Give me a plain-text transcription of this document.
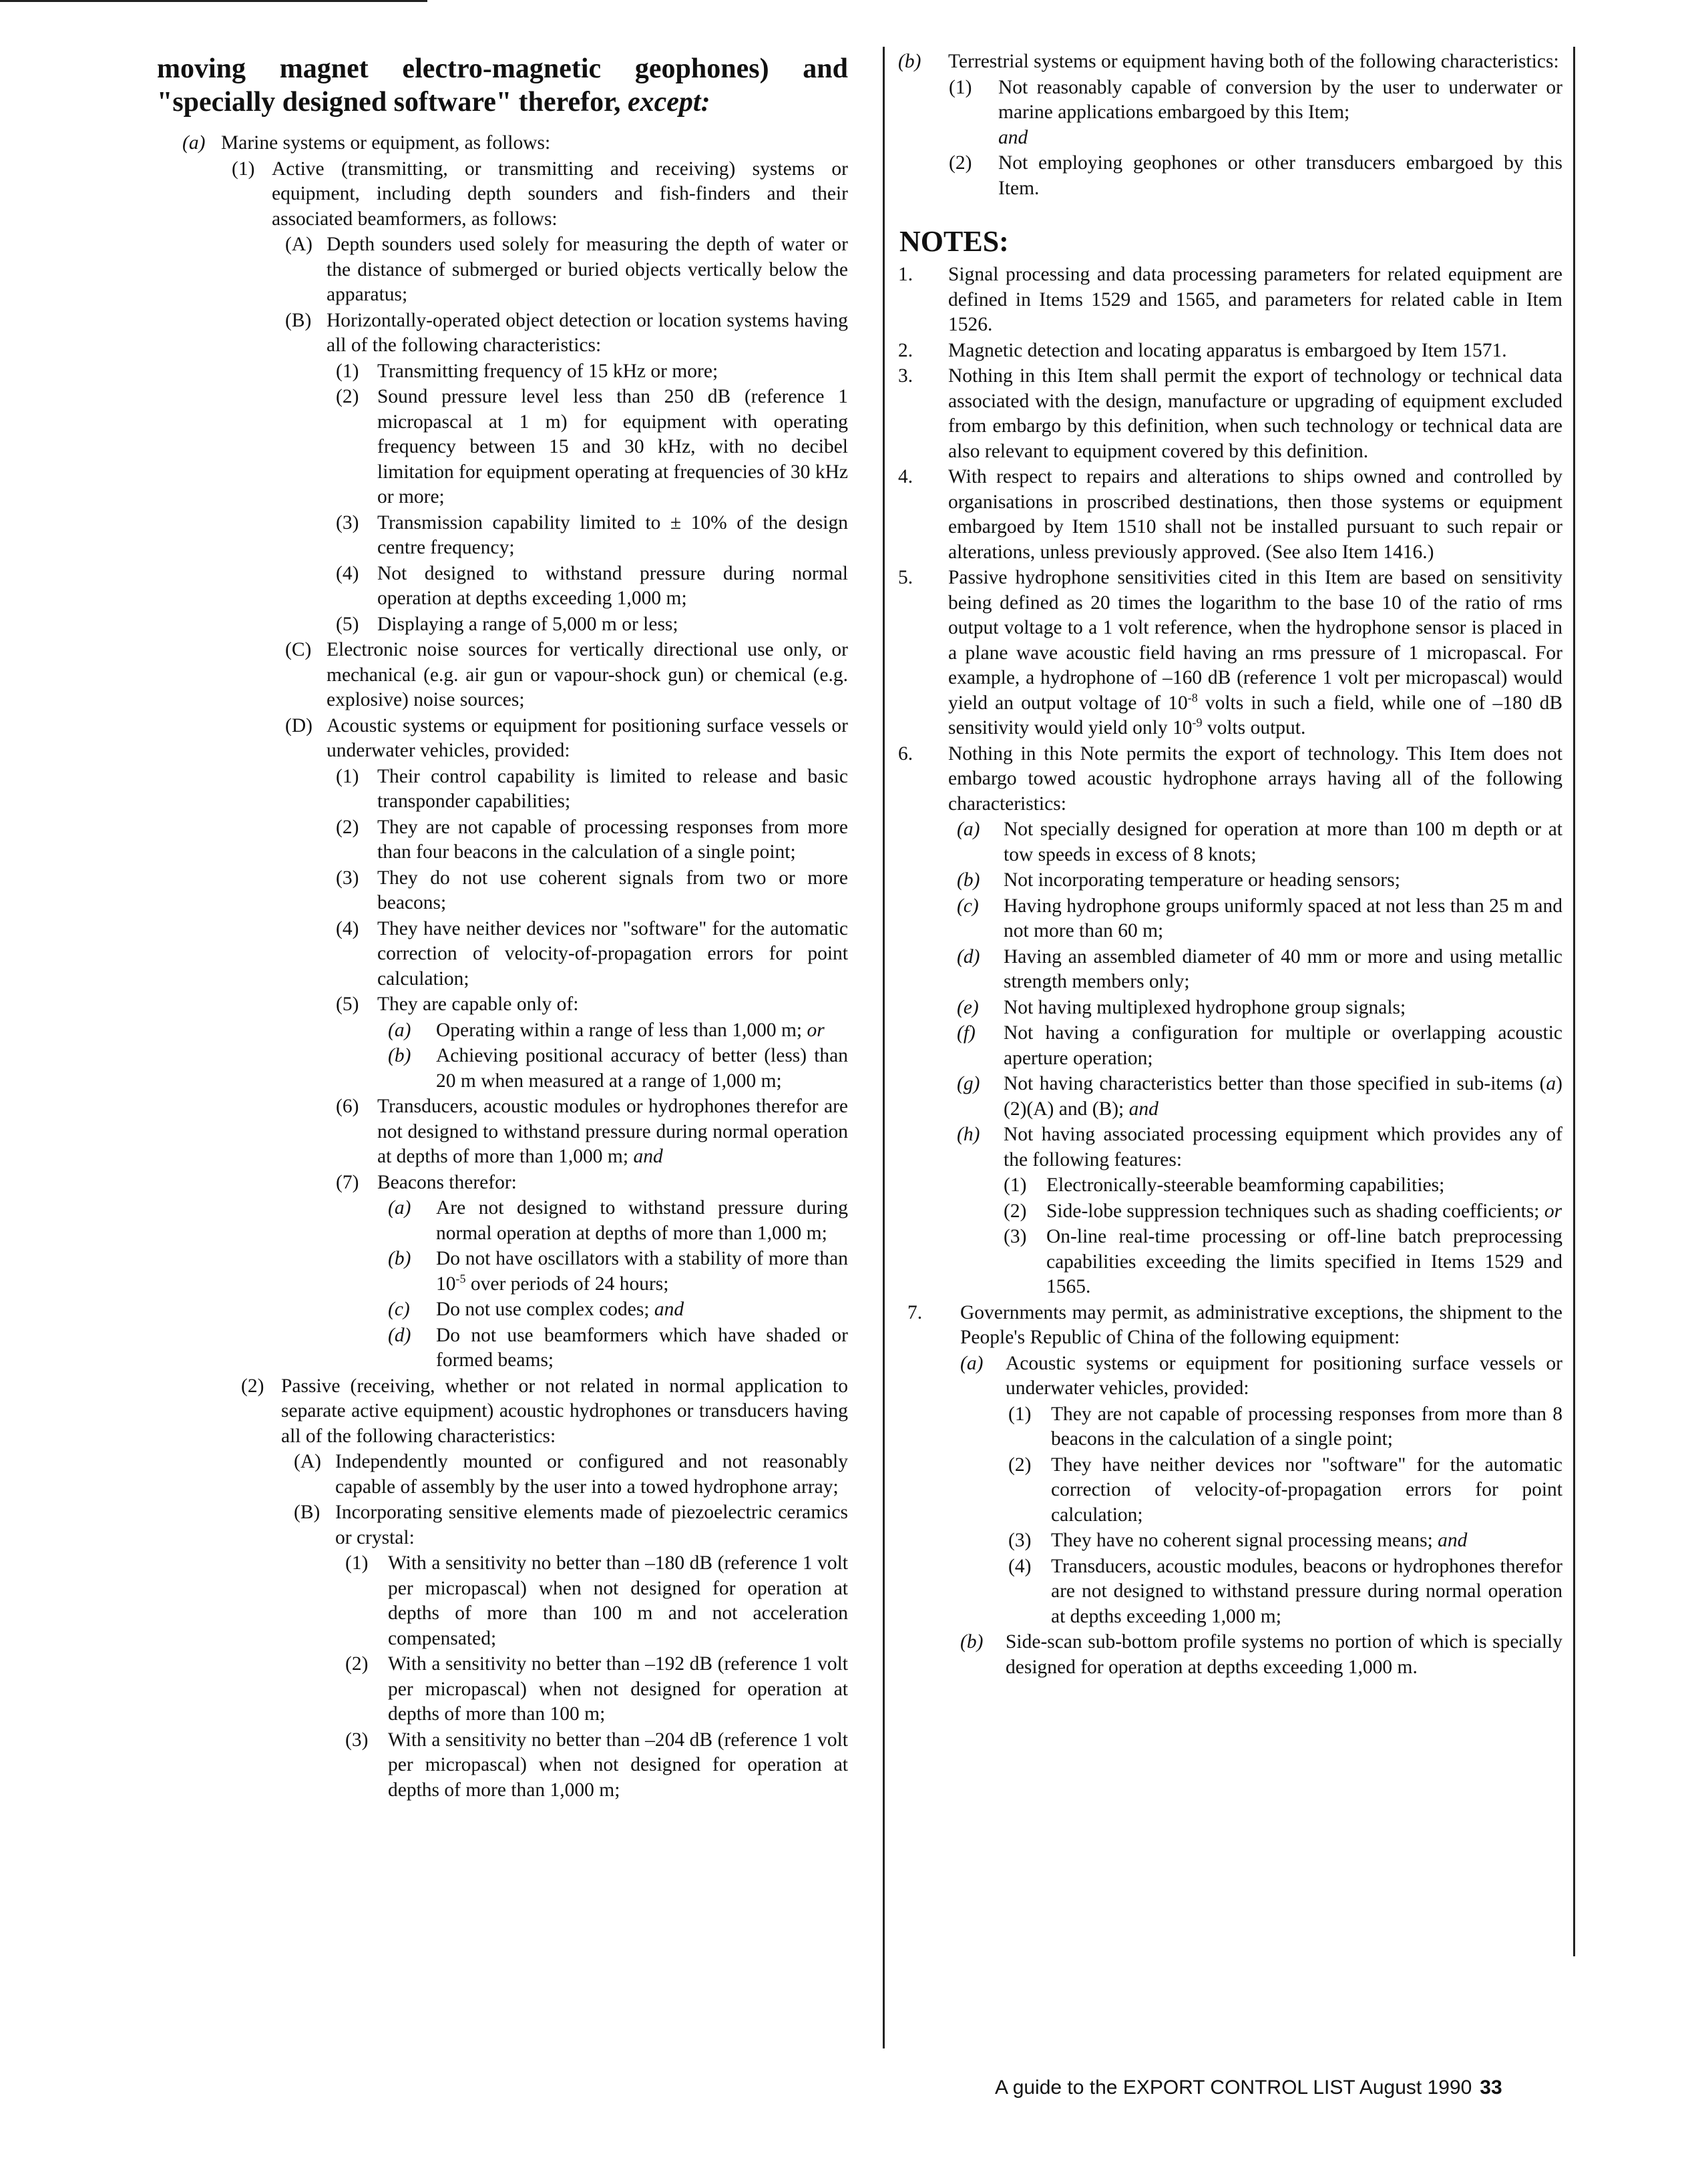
moving magnet electro-magnetic geophones) and "specially designed software" therefor, except:

(a) Marine systems or equipment, as follows:
(1) Active (transmitting, or transmitting and receiving) systems or equipment, including depth sounders and fish-finders and their associated beamformers, as follows:
(A) Depth sounders used solely for measuring the depth of water or the distance of submerged or buried objects vertically below the apparatus;
(B) Horizontally-operated object detection or location systems having all of the following characteristics:
(1) Transmitting frequency of 15 kHz or more;
(2) Sound pressure level less than 250 dB (reference 1 micropascal at 1 m) for equipment with operating frequency between 15 and 30 kHz, with no decibel limitation for equipment operating at frequencies of 30 kHz or more;
(3) Transmission capability limited to ± 10% of the design centre frequency;
(4) Not designed to withstand pressure during normal operation at depths exceeding 1,000 m;
(5) Displaying a range of 5,000 m or less;
(C) Electronic noise sources for vertically directional use only, or mechanical (e.g. air gun or vapour-shock gun) or chemical (e.g. explosive) noise sources;
(D) Acoustic systems or equipment for positioning surface vessels or underwater vehicles, provided:
(1) Their control capability is limited to release and basic transponder capabilities;
(2) They are not capable of processing responses from more than four beacons in the calculation of a single point;
(3) They do not use coherent signals from two or more beacons;
(4) They have neither devices nor "software" for the automatic correction of velocity-of-propagation errors for point calculation;
(5) They are capable only of:
(a)	Operating within a range of less than 1,000 m; or
(b)	Achieving positional accuracy of better (less) than 20 m when measured at a range of 1,000 m;
(6) Transducers, acoustic modules or hydrophones therefor are not designed to withstand pressure during normal operation at depths of more than 1,000 m; and
(7) Beacons therefor:
(a)	Are not designed to withstand pressure during normal operation at depths of more than 1,000 m;
(b)	Do not have oscillators with a stability of more than $10^{-5}$ over periods of 24 hours;
(c)	Do not use complex codes; and
(d)	Do not use beamformers which have shaded or formed beams;
(2) Passive (receiving, whether or not related in normal application to separate active equipment) acoustic hydrophones or transducers having all of the following characteristics:
(A) Independently mounted or configured and not reasonably capable of assembly by the user into a towed hydrophone array;
(B) Incorporating sensitive elements made of piezoelectric ceramics or crystal:
(1)	With a sensitivity no better than –180 dB (reference 1 volt per micropascal) when not designed for operation at depths of more than 100 m and not acceleration compensated;
(2)	With a sensitivity no better than –192 dB (reference 1 volt per micropascal) when not designed for operation at depths of more than 100 m;
(3)	With a sensitivity no better than –204 dB (reference 1 volt per micropascal) when not designed for operation at depths of more than 1,000 m;
(b)	Terrestrial systems or equipment having both of the following characteristics:
(1)	Not reasonably capable of conversion by the user to underwater or marine applications embargoed by this Item;
and
(2)	Not employing geophones or other transducers embargoed by this Item.
NOTES:
1.	Signal processing and data processing parameters for related equipment are defined in Items 1529 and 1565, and parameters for related cable in Item 1526.
2.	Magnetic detection and locating apparatus is embargoed by Item 1571.
3.	Nothing in this Item shall permit the export of technology or technical data associated with the design, manufacture or upgrading of equipment excluded from embargo by this definition, when such technology or technical data are also relevant to equipment covered by this definition.
4.	With respect to repairs and alterations to ships owned and controlled by organisations in proscribed destinations, then those systems or equipment embargoed by Item 1510 shall not be installed pursuant to such repair or alterations, unless previously approved. (See also Item 1416.)
5.	Passive hydrophone sensitivities cited in this Item are based on sensitivity being defined as 20 times the logarithm to the base 10 of the ratio of rms output voltage to a 1 volt reference, when the hydrophone sensor is placed in a plane wave acoustic field having an rms pressure of 1 micropascal. For example, a hydrophone of –160 dB (reference 1 volt per micropascal) would yield an output voltage of $10^{-8}$ volts in such a field, while one of –180 dB sensitivity would yield only $10^{-9}$ volts output.
6.	Nothing in this Note permits the export of technology. This Item does not embargo towed acoustic hydrophone arrays having all of the following characteristics:
(a)	Not specially designed for operation at more than 100 m depth or at tow speeds in excess of 8 knots;
(b)	Not incorporating temperature or heading sensors;
(c)	Having hydrophone groups uniformly spaced at not less than 25 m and not more than 60 m;
(d)	Having an assembled diameter of 40 mm or more and using metallic strength members only;
(e)	Not having multiplexed hydrophone group signals;
(f)	Not having a configuration for multiple or overlapping acoustic aperture operation;
(g)	Not having characteristics better than those specified in sub-items (a)(2)(A) and (B); and
(h)	Not having associated processing equipment which provides any of the following features:
(1)	Electronically-steerable beamforming capabilities;
(2)	Side-lobe suppression techniques such as shading coefficients; or
(3)	On-line real-time processing or off-line batch preprocessing capabilities exceeding the limits specified in Items 1529 and 1565.
7.	Governments may permit, as administrative exceptions, the shipment to the People's Republic of China of the following equipment:
(a)	Acoustic systems or equipment for positioning surface vessels or underwater vehicles, provided:
(1)	They are not capable of processing responses from more than 8 beacons in the calculation of a single point;
(2)	They have neither devices nor "software" for the automatic correction of velocity-of-propagation errors for point calculation;
(3)	They have no coherent signal processing means; and
(4)	Transducers, acoustic modules, beacons or hydrophones therefor are not designed to withstand pressure during normal operation at depths exceeding 1,000 m;
(b)	Side-scan sub-bottom profile systems no portion of which is specially designed for operation at depths exceeding 1,000 m.
A guide to the EXPORT CONTROL LIST August 1990 33
